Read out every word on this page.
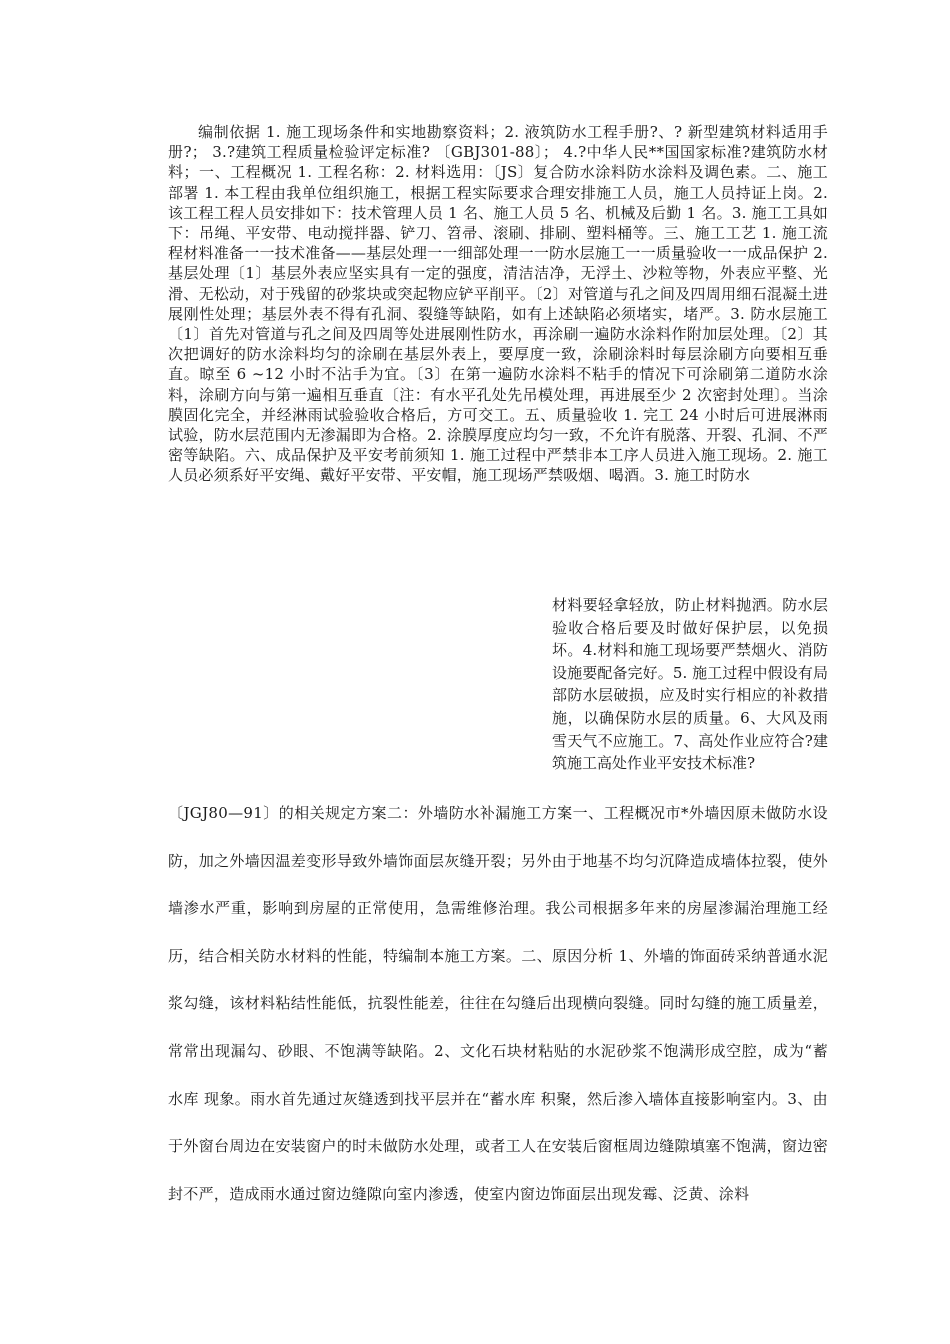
编制依据 1. 施工现场条件和实地勘察资料；2. 液筑防水工程手册?、? 新型建筑材料适用手册?； 3.?建筑工程质量检验评定标准? 〔GBJ301-88〕； 4.?中华人民**国国家标准?建筑防水材料；一、工程概况 1. 工程名称：2. 材料选用：〔JS〕复合防水涂料防水涂料及调色素。二、施工部署 1. 本工程由我单位组织施工，根据工程实际要求合理安排施工人员，施工人员持证上岗。2. 该工程工程人员安排如下：技术管理人员 1 名、施工人员 5 名、机械及后勤 1 名。3. 施工工具如下：吊绳、平安带、电动搅拌器、铲刀、笤帚、滚刷、排刷、塑料桶等。三、施工工艺 1. 施工流程材料准备一一技术准备——基层处理一一细部处理一一防水层施工一一质量验收一一成品保护 2. 基层处理〔1〕基层外表应坚实具有一定的强度，清洁洁净，无浮土、沙粒等物，外表应平整、光滑、无松动，对于残留的砂浆块或突起物应铲平削平。〔2〕对管道与孔之间及四周用细石混凝土进展刚性处理；基层外表不得有孔洞、裂缝等缺陷，如有上述缺陷必须堵实，堵严。3. 防水层施工〔1〕首先对管道与孔之间及四周等处进展刚性防水，再涂刷一遍防水涂料作附加层处理。〔2〕其次把调好的防水涂料均匀的涂刷在基层外表上，要厚度一致，涂刷涂料时每层涂刷方向要相互垂直。晾至 6 ~12 小时不沾手为宜。〔3〕在第一遍防水涂料不粘手的情况下可涂刷第二道防水涂料，涂刷方向与第一遍相互垂直〔注：有水平孔处先吊模处理，再进展至少 2 次密封处理〕。当涂膜固化完全，并经淋雨试验验收合格后，方可交工。五、质量验收 1. 完工 24 小时后可进展淋雨试验，防水层范围内无渗漏即为合格。2. 涂膜厚度应均匀一致，不允许有脱落、开裂、孔洞、不严密等缺陷。六、成品保护及平安考前须知 1. 施工过程中严禁非本工序人员进入施工现场。2. 施工人员必须系好平安绳、戴好平安带、平安帽，施工现场严禁吸烟、喝酒。3. 施工时防水
材料要轻拿轻放，防止材料抛洒。防水层验收合格后要及时做好保护层，以免损坏。4.材料和施工现场要严禁烟火、消防设施要配备完好。5. 施工过程中假设有局部防水层破损，应及时实行相应的补救措施，以确保防水层的质量。6、大风及雨雪天气不应施工。7、高处作业应符合?建筑施工高处作业平安技术标准?
〔JGJ80—91〕的相关规定方案二：外墙防水补漏施工方案一、工程概况市*外墙因原未做防水设防，加之外墙因温差变形导致外墙饰面层灰缝开裂；另外由于地基不均匀沉降造成墙体拉裂，使外墙渗水严重，影响到房屋的正常使用，急需维修治理。我公司根据多年来的房屋渗漏治理施工经历，结合相关防水材料的性能，特编制本施工方案。二、原因分析 1、外墙的饰面砖采纳普通水泥浆勾缝，该材料粘结性能低，抗裂性能差，往往在勾缝后出现横向裂缝。同时勾缝的施工质量差，常常出现漏勾、砂眼、不饱满等缺陷。2、文化石块材粘贴的水泥砂浆不饱满形成空腔，成为“蓄水库 现象。雨水首先通过灰缝透到找平层并在“蓄水库 积聚，然后渗入墙体直接影响室内。3、由于外窗台周边在安装窗户的时未做防水处理，或者工人在安装后窗框周边缝隙填塞不饱满，窗边密封不严，造成雨水通过窗边缝隙向室内渗透，使室内窗边饰面层出现发霉、泛黄、涂料
